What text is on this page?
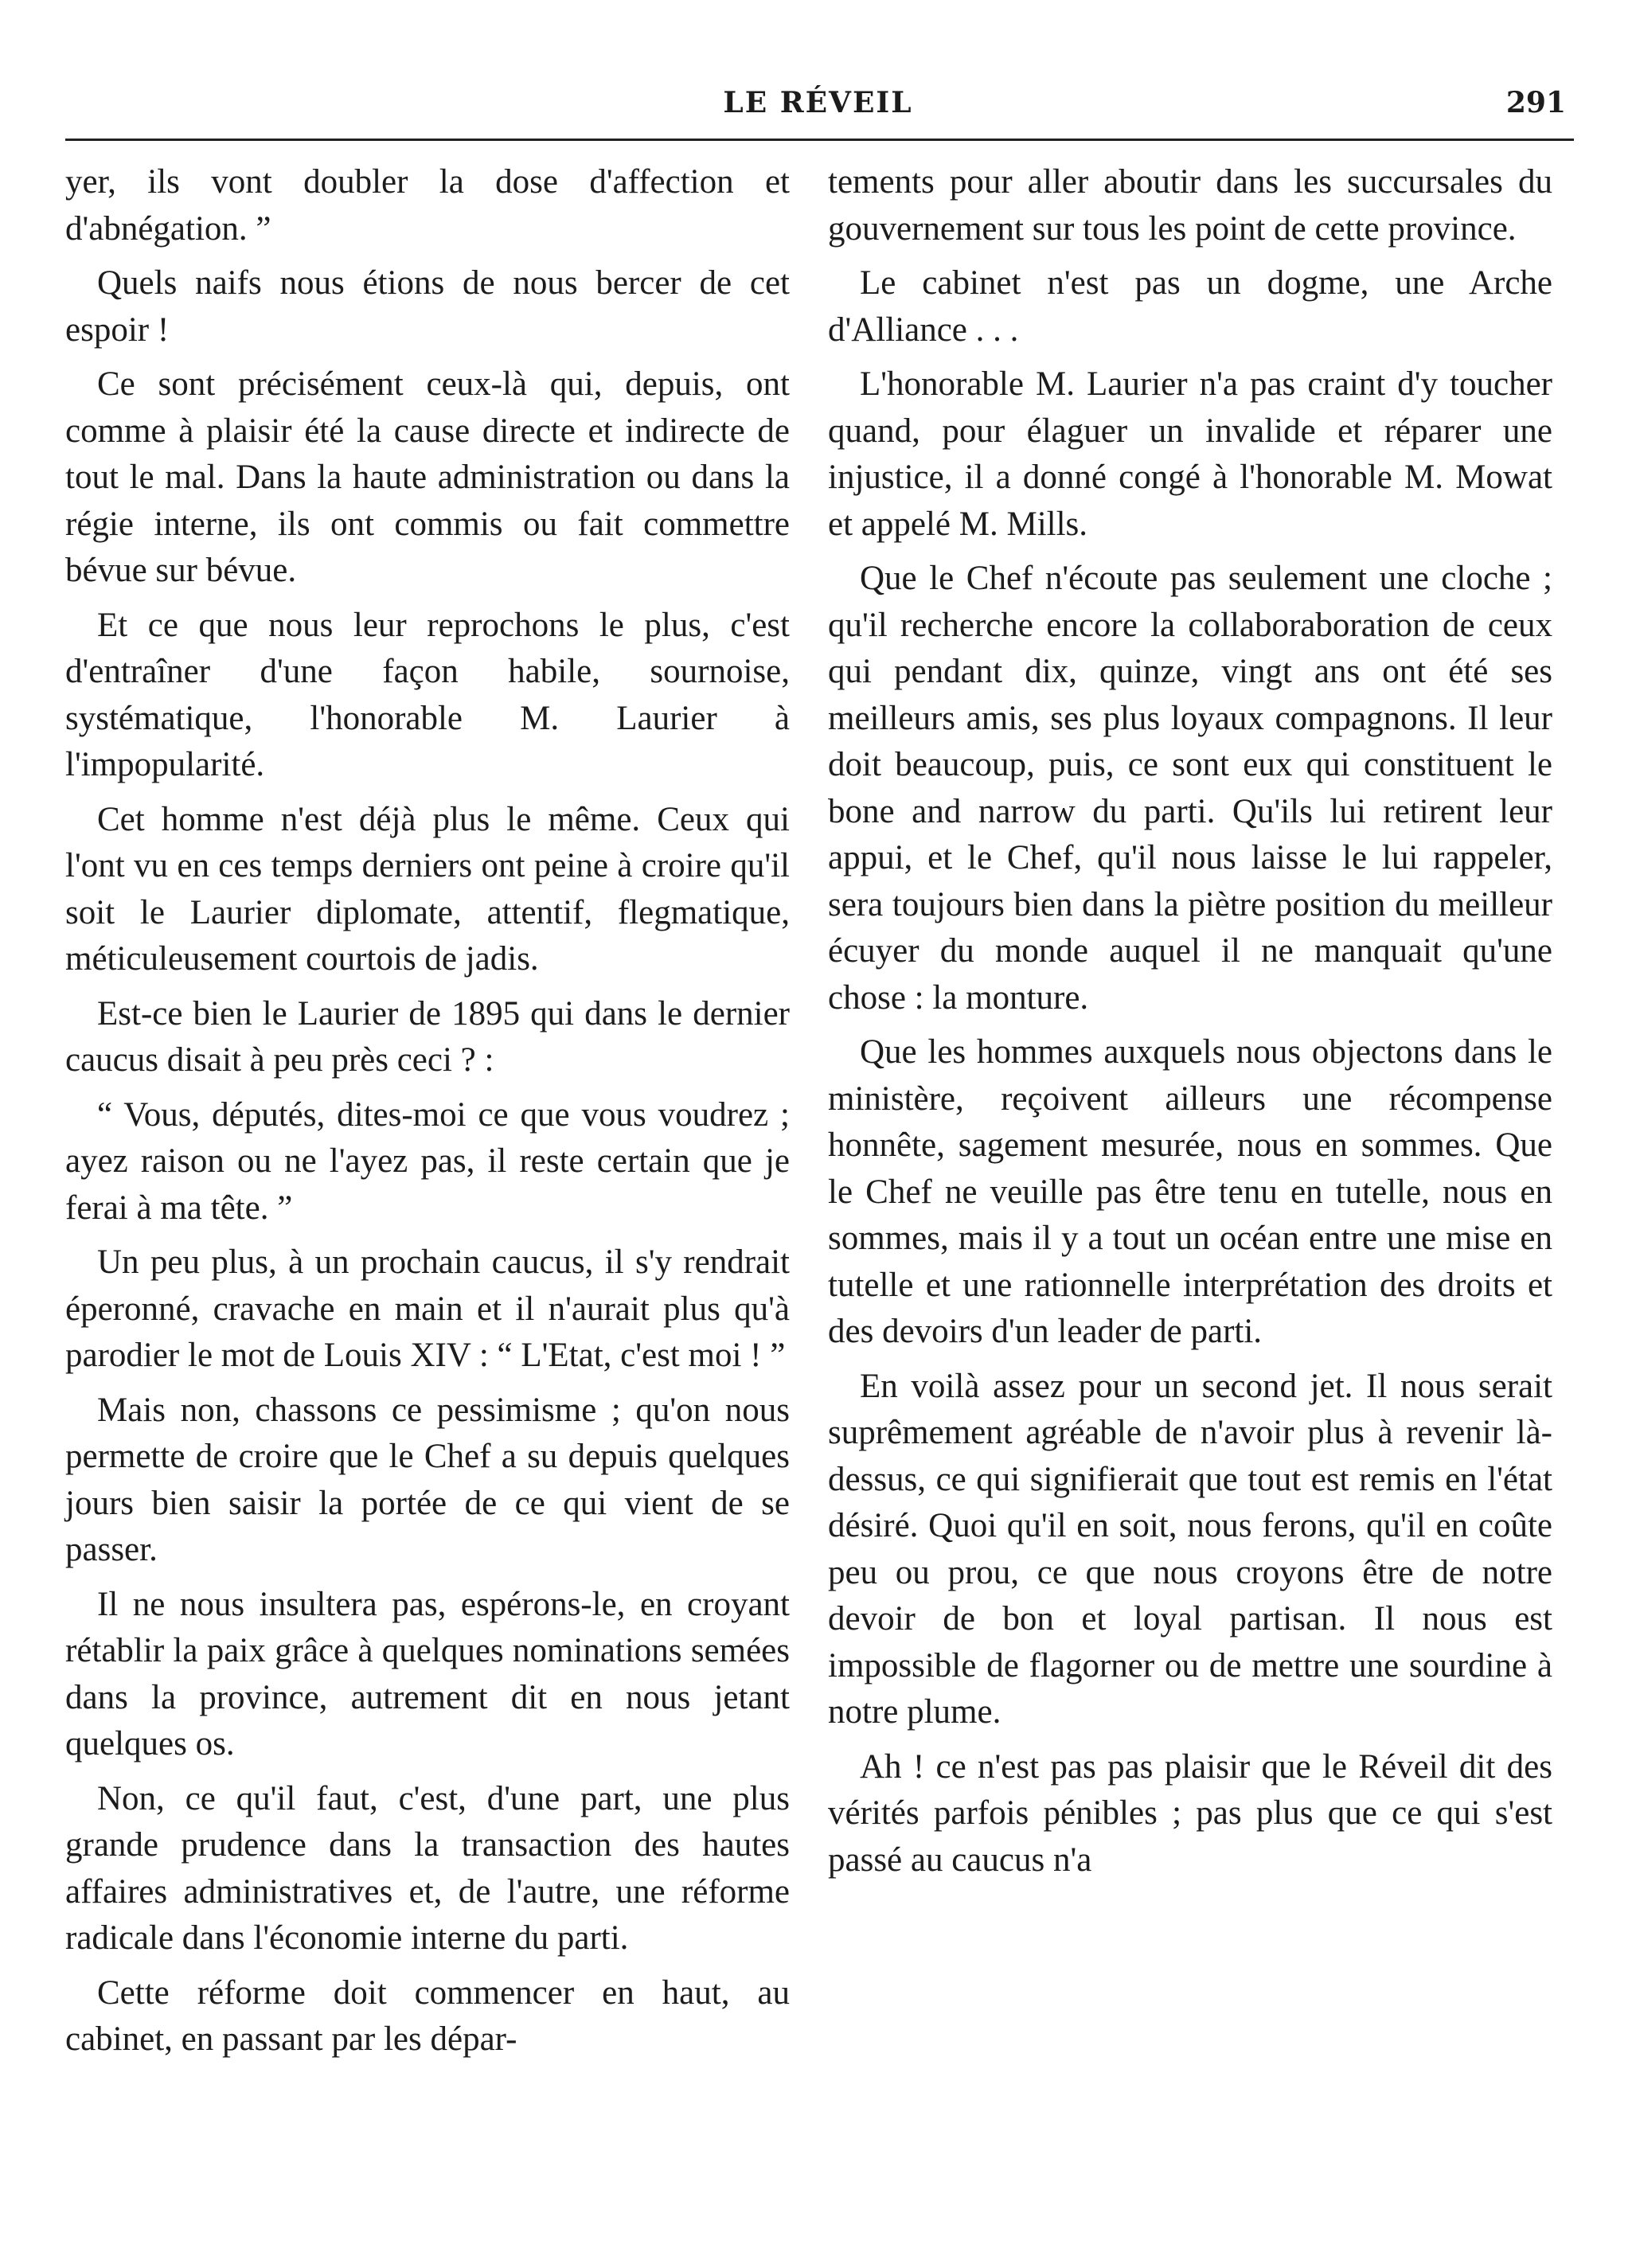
LE RÉVEIL	291

yer, ils vont doubler la dose d'affection et d'abnégation. ”

Quels naifs nous étions de nous bercer de cet espoir !

Ce sont précisément ceux-là qui, depuis, ont comme à plaisir été la cause directe et indirecte de tout le mal. Dans la haute administration ou dans la régie interne, ils ont commis ou fait commettre bévue sur bévue.

Et ce que nous leur reprochons le plus, c'est d'entraîner d'une façon habile, sournoise, systématique, l'honorable M. Laurier à l'impopularité.

Cet homme n'est déjà plus le même. Ceux qui l'ont vu en ces temps derniers ont peine à croire qu'il soit le Laurier diplomate, attentif, flegmatique, méticuleusement courtois de jadis.

Est-ce bien le Laurier de 1895 qui dans le dernier caucus disait à peu près ceci ? :

“ Vous, députés, dites-moi ce que vous voudrez ; ayez raison ou ne l'ayez pas, il reste certain que je ferai à ma tête. ”

Un peu plus, à un prochain caucus, il s'y rendrait éperonné, cravache en main et il n'aurait plus qu'à parodier le mot de Louis XIV : “ L'Etat, c'est moi ! ”

Mais non, chassons ce pessimisme ; qu'on nous permette de croire que le Chef a su depuis quelques jours bien saisir la portée de ce qui vient de se passer.

Il ne nous insultera pas, espérons-le, en croyant rétablir la paix grâce à quelques nominations semées dans la province, autrement dit en nous jetant quelques os.

Non, ce qu'il faut, c'est, d'une part, une plus grande prudence dans la transaction des hautes affaires administratives et, de l'autre, une réforme radicale dans l'économie interne du parti.

Cette réforme doit commencer en haut, au cabinet, en passant par les dépar-

tements pour aller aboutir dans les succursales du gouvernement sur tous les point de cette province.

Le cabinet n'est pas un dogme, une Arche d'Alliance . . .

L'honorable M. Laurier n'a pas craint d'y toucher quand, pour élaguer un invalide et réparer une injustice, il a donné congé à l'honorable M. Mowat et appelé M. Mills.

Que le Chef n'écoute pas seulement une cloche ; qu'il recherche encore la collaboraboration de ceux qui pendant dix, quinze, vingt ans ont été ses meilleurs amis, ses plus loyaux compagnons. Il leur doit beaucoup, puis, ce sont eux qui constituent le bone and narrow du parti. Qu'ils lui retirent leur appui, et le Chef, qu'il nous laisse le lui rappeler, sera toujours bien dans la piètre position du meilleur écuyer du monde auquel il ne manquait qu'une chose : la monture.

Que les hommes auxquels nous objectons dans le ministère, reçoivent ailleurs une récompense honnête, sagement mesurée, nous en sommes. Que le Chef ne veuille pas être tenu en tutelle, nous en sommes, mais il y a tout un océan entre une mise en tutelle et une rationnelle interprétation des droits et des devoirs d'un leader de parti.

En voilà assez pour un second jet. Il nous serait suprêmement agréable de n'avoir plus à revenir là-dessus, ce qui signifierait que tout est remis en l'état désiré. Quoi qu'il en soit, nous ferons, qu'il en coûte peu ou prou, ce que nous croyons être de notre devoir de bon et loyal partisan. Il nous est impossible de flagorner ou de mettre une sourdine à notre plume.

Ah ! ce n'est pas pas plaisir que le Réveil dit des vérités parfois pénibles ; pas plus que ce qui s'est passé au caucus n'a
